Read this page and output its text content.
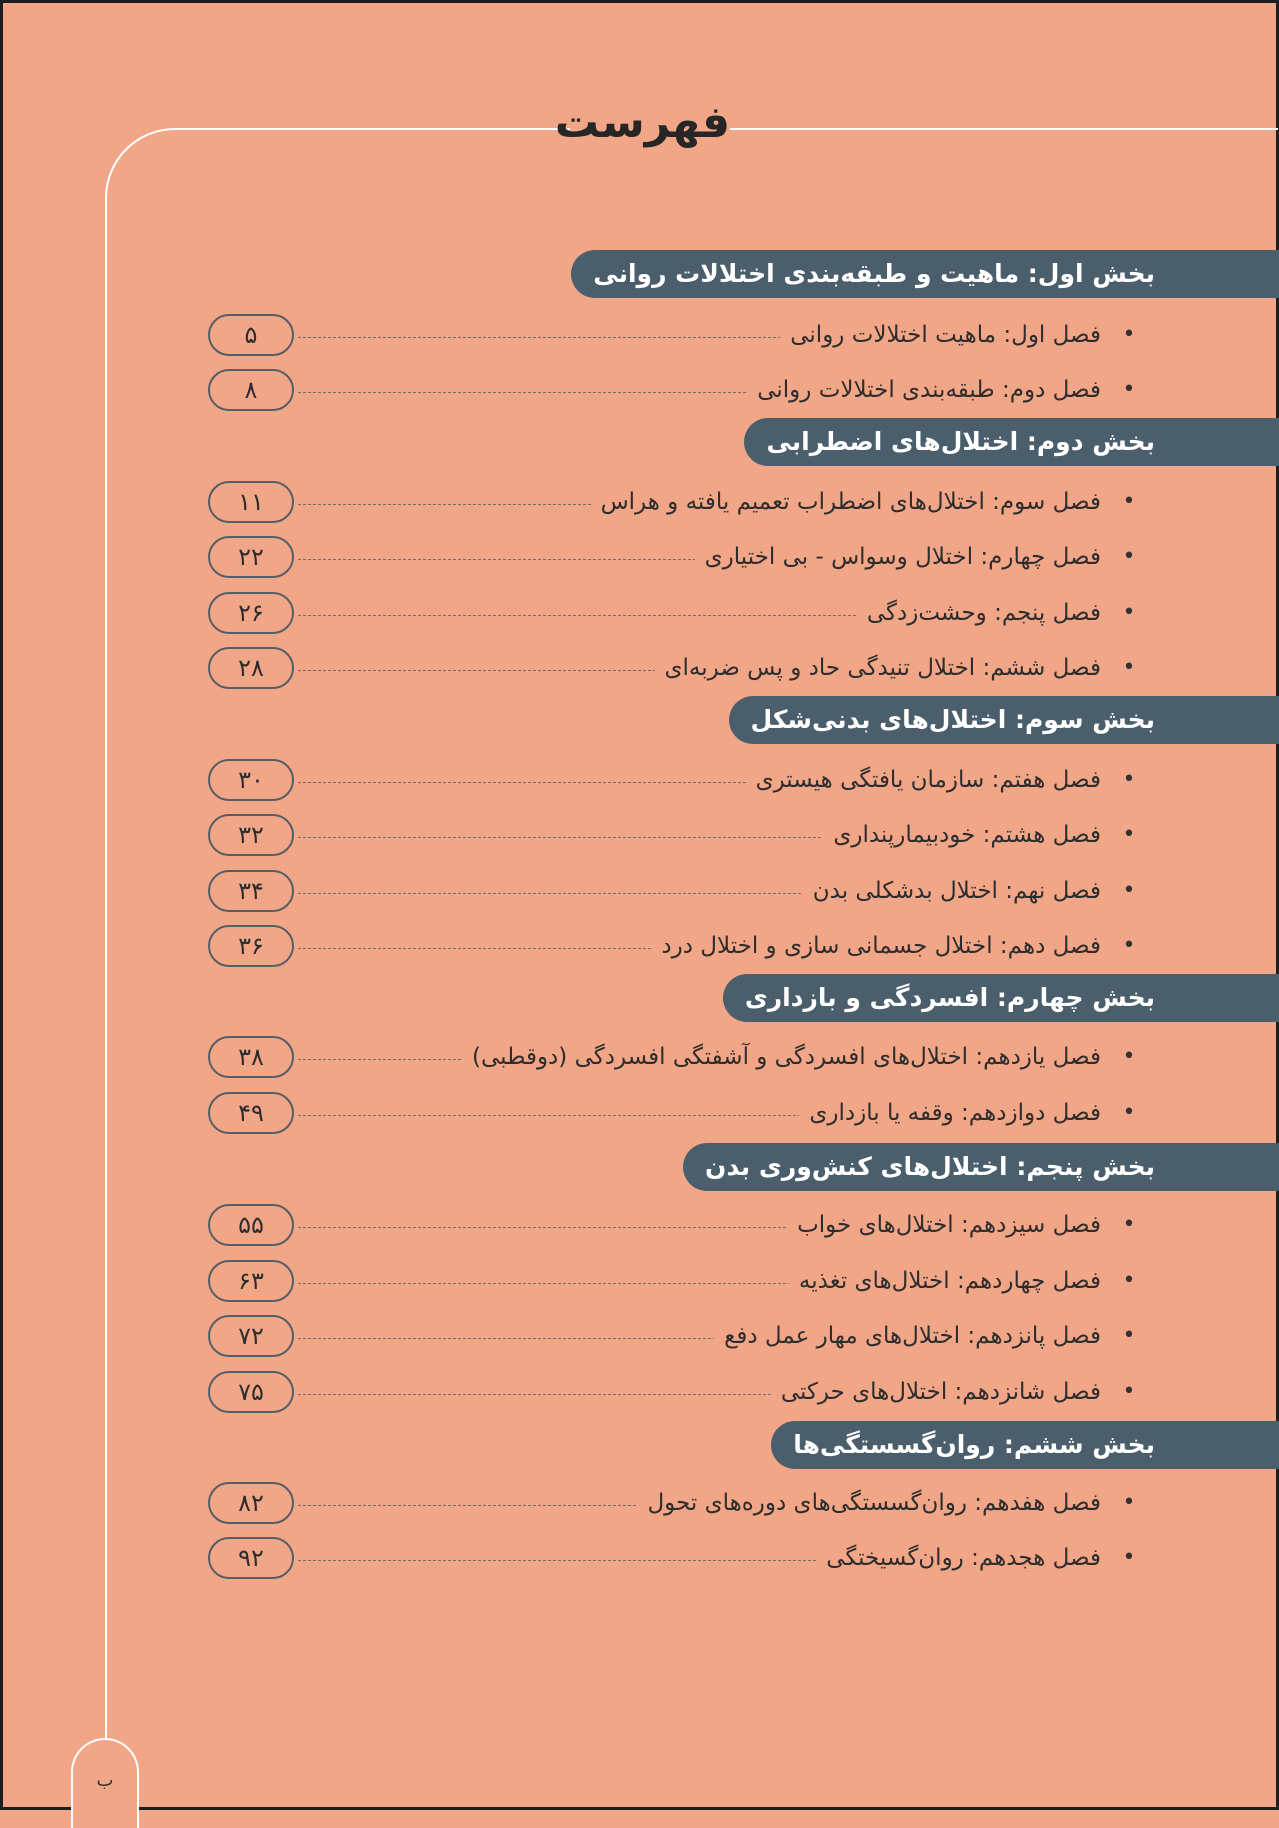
فهرست
بخش اول: ماهیت و طبقه‌بندی اختلالات روانی
•
فصل اول: ماهیت اختلالات روانی
۵
•
فصل دوم: طبقه‌بندی اختلالات روانی
۸
بخش دوم: اختلال‌های اضطرابی
•
فصل سوم: اختلال‌های اضطراب تعمیم یافته و هراس
۱۱
•
فصل چهارم: اختلال وسواس - بی اختیاری
۲۲
•
فصل پنجم: وحشت‌زدگی
۲۶
•
فصل ششم: اختلال تنیدگی حاد و پس ضربه‌ای
۲۸
بخش سوم: اختلال‌های بدنی‌شکل
•
فصل هفتم: سازمان یافتگی هیستری
۳۰
•
فصل هشتم: خودبیمارپنداری
۳۲
•
فصل نهم: اختلال بدشکلی بدن
۳۴
•
فصل دهم: اختلال جسمانی سازی و اختلال درد
۳۶
بخش چهارم: افسردگی و بازداری
•
فصل یازدهم: اختلال‌های افسردگی و آشفتگی افسردگی (دوقطبی)
۳۸
•
فصل دوازدهم: وقفه یا بازداری
۴۹
بخش پنجم: اختلال‌های کنش‌وری بدن
•
فصل سیزدهم: اختلال‌های خواب
۵۵
•
فصل چهاردهم: اختلال‌های تغذیه
۶۳
•
فصل پانزدهم: اختلال‌های مهار عمل دفع
۷۲
•
فصل شانزدهم: اختلال‌های حرکتی
۷۵
بخش ششم: روان‌گسستگی‌ها
•
فصل هفدهم: روان‌گسستگی‌های دوره‌های تحول
۸۲
•
فصل هجدهم: روان‌گسیختگی
۹۲
ب
